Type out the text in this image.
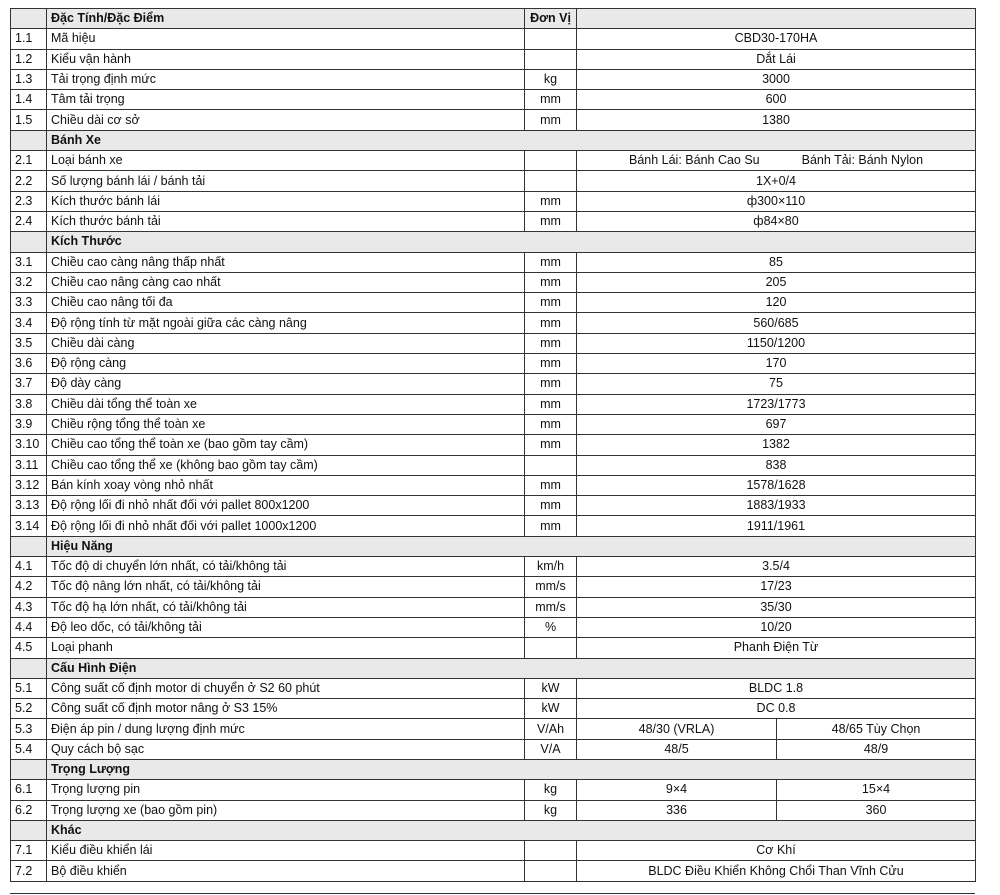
	Đặc Tính/Đặc Điểm	Đơn Vị		
1.1	Mã hiệu		CBD30-170HA	
1.2	Kiểu vận hành		Dắt Lái	
1.3	Tải trọng định mức	kg	3000	
1.4	Tâm tải trọng	mm	600	
1.5	Chiều dài cơ sở	mm	1380	
	Bánh Xe			
2.1	Loại bánh xe		Bánh Lái: Bánh Cao Su Bánh Tải: Bánh Nylon	

2.2	Số lượng bánh lái / bánh tải		1X+0/4	
2.3	Kích thước bánh lái	mm	ф300×110	
2.4	Kích thước bánh tải	mm	ф84×80	
	Kích Thước			
3.1	Chiều cao càng nâng thấp nhất	mm	85	
3.2	Chiều cao nâng càng cao nhất	mm	205	
3.3	Chiều cao nâng tối đa	mm	120	
3.4	Độ rộng tính từ mặt ngoài giữa các càng nâng	mm	560/685	
3.5	Chiều dài càng	mm	1150/1200	
3.6	Độ rộng càng	mm	170	
3.7	Độ dày càng	mm	75	
3.8	Chiều dài tổng thể toàn xe	mm	1723/1773	
3.9	Chiều rộng tổng thể toàn xe	mm	697	
3.10	Chiều cao tổng thể toàn xe (bao gồm tay cầm)	mm	1382	
3.11	Chiều cao tổng thể xe (không bao gồm tay cầm)		838	
3.12	Bán kính xoay vòng nhỏ nhất	mm	1578/1628	
3.13	Độ rộng lối đi nhỏ nhất đối với pallet 800x1200	mm	1883/1933	
3.14	Độ rộng lối đi nhỏ nhất đối với pallet 1000x1200	mm	1911/1961	
	Hiệu Năng			
4.1	Tốc độ di chuyển lớn nhất, có tải/không tải	km/h	3.5/4	
4.2	Tốc độ nâng lớn nhất, có tải/không tải	mm/s	17/23	
4.3	Tốc độ hạ lớn nhất, có tải/không tải	mm/s	35/30	
4.4	Độ leo dốc, có tải/không tải	%	10/20	
4.5	Loại phanh		Phanh Điện Từ	
	Cấu Hình Điện			
5.1	Công suất cố định motor di chuyển ở S2 60 phút	kW	BLDC 1.8	
5.2	Công suất cố định motor nâng ở S3 15%	kW	DC 0.8	
5.3	Điện áp pin / dung lượng định mức	V/Ah	48/30 (VRLA)	48/65 Tùy Chọn
5.4	Quy cách bộ sạc	V/A	48/5	48/9
	Trọng Lượng			
6.1	Trọng lượng pin	kg	9×4	15×4
6.2	Trọng lượng xe (bao gồm pin)	kg	336	360
	Khác			
7.1	Kiểu điều khiển lái		Cơ Khí	
7.2	Bộ điều khiển		BLDC Điều Khiển Không Chổi Than Vĩnh Cửu	
